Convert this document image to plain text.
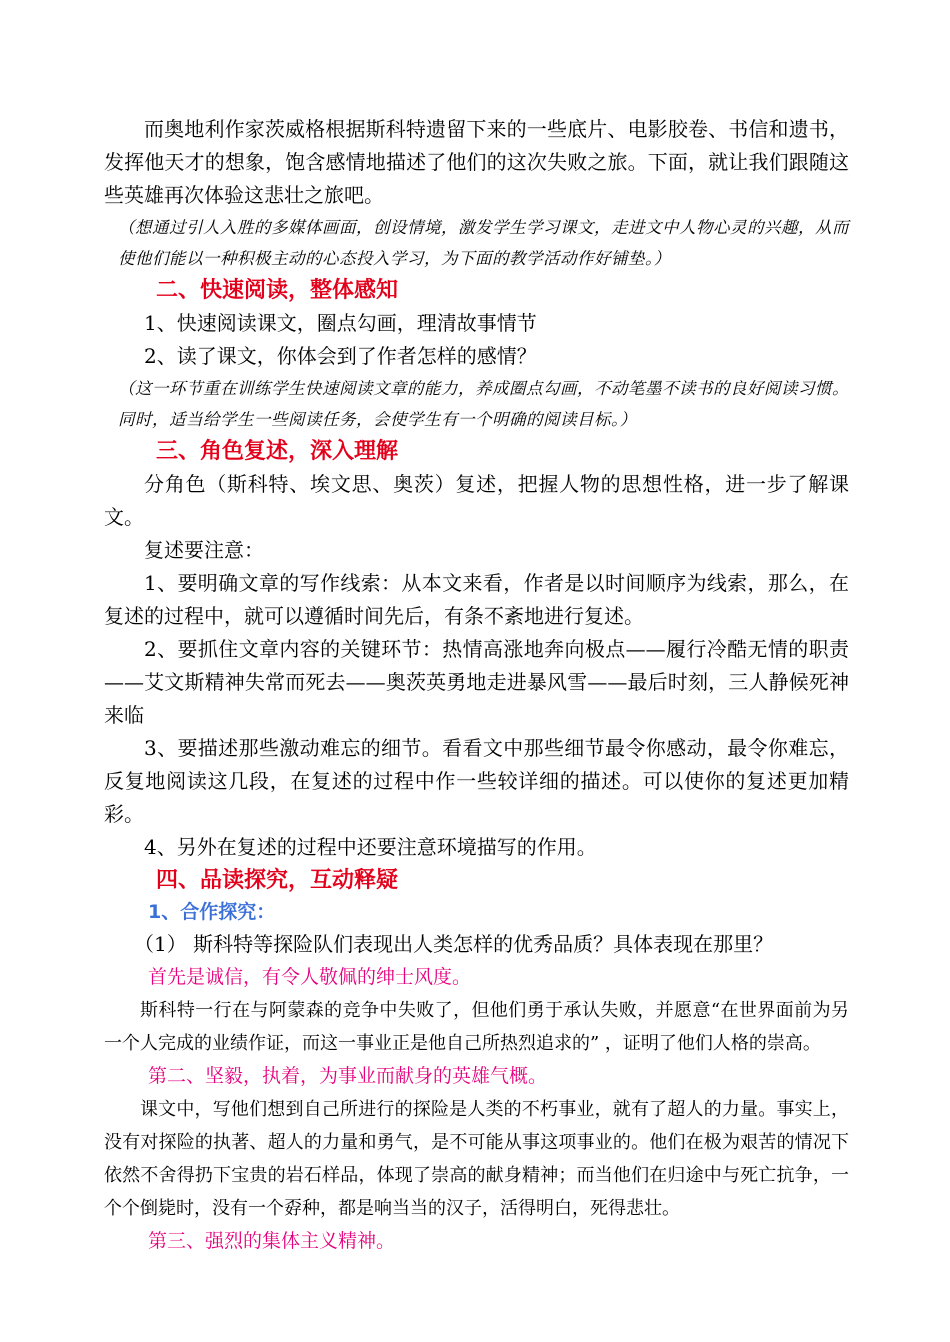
而奥地利作家茨威格根据斯科特遗留下来的一些底片、电影胶卷、书信和遗书，发挥他天才的想象，饱含感情地描述了他们的这次失败之旅。下面，就让我们跟随这些英雄再次体验这悲壮之旅吧。

（想通过引人入胜的多媒体画面，创设情境，激发学生学习课文，走进文中人物心灵的兴趣，从而使他们能以一种积极主动的心态投入学习，为下面的教学活动作好铺垫。）

二、快速阅读，整体感知

1、快速阅读课文，圈点勾画，理清故事情节

2、读了课文，你体会到了作者怎样的感情？

（这一环节重在训练学生快速阅读文章的能力，养成圈点勾画，不动笔墨不读书的良好阅读习惯。同时，适当给学生一些阅读任务，会使学生有一个明确的阅读目标。）

三、角色复述，深入理解

分角色（斯科特、埃文思、奥茨）复述，把握人物的思想性格，进一步了解课文。

复述要注意：

1、要明确文章的写作线索：从本文来看，作者是以时间顺序为线索，那么，在复述的过程中，就可以遵循时间先后，有条不紊地进行复述。

2、要抓住文章内容的关键环节：热情高涨地奔向极点——履行冷酷无情的职责——艾文斯精神失常而死去——奥茨英勇地走进暴风雪——最后时刻，三人静候死神来临

3、要描述那些激动难忘的细节。看看文中那些细节最令你感动，最令你难忘，反复地阅读这几段，在复述的过程中作一些较详细的描述。可以使你的复述更加精彩。

4、另外在复述的过程中还要注意环境描写的作用。

四、品读探究，互动释疑

1、合作探究：

（1） 斯科特等探险队们表现出人类怎样的优秀品质？具体表现在那里？

首先是诚信，有令人敬佩的绅士风度。

斯科特一行在与阿蒙森的竞争中失败了，但他们勇于承认失败，并愿意“在世界面前为另一个人完成的业绩作证，而这一事业正是他自己所热烈追求的” ，证明了他们人格的崇高。

第二、坚毅，执着，为事业而献身的英雄气概。

课文中，写他们想到自己所进行的探险是人类的不朽事业，就有了超人的力量。事实上，没有对探险的执著、超人的力量和勇气，是不可能从事这项事业的。他们在极为艰苦的情况下依然不舍得扔下宝贵的岩石样品，体现了崇高的献身精神；而当他们在归途中与死亡抗争，一个个倒毙时，没有一个孬种，都是响当当的汉子，活得明白，死得悲壮。

第三、强烈的集体主义精神。
